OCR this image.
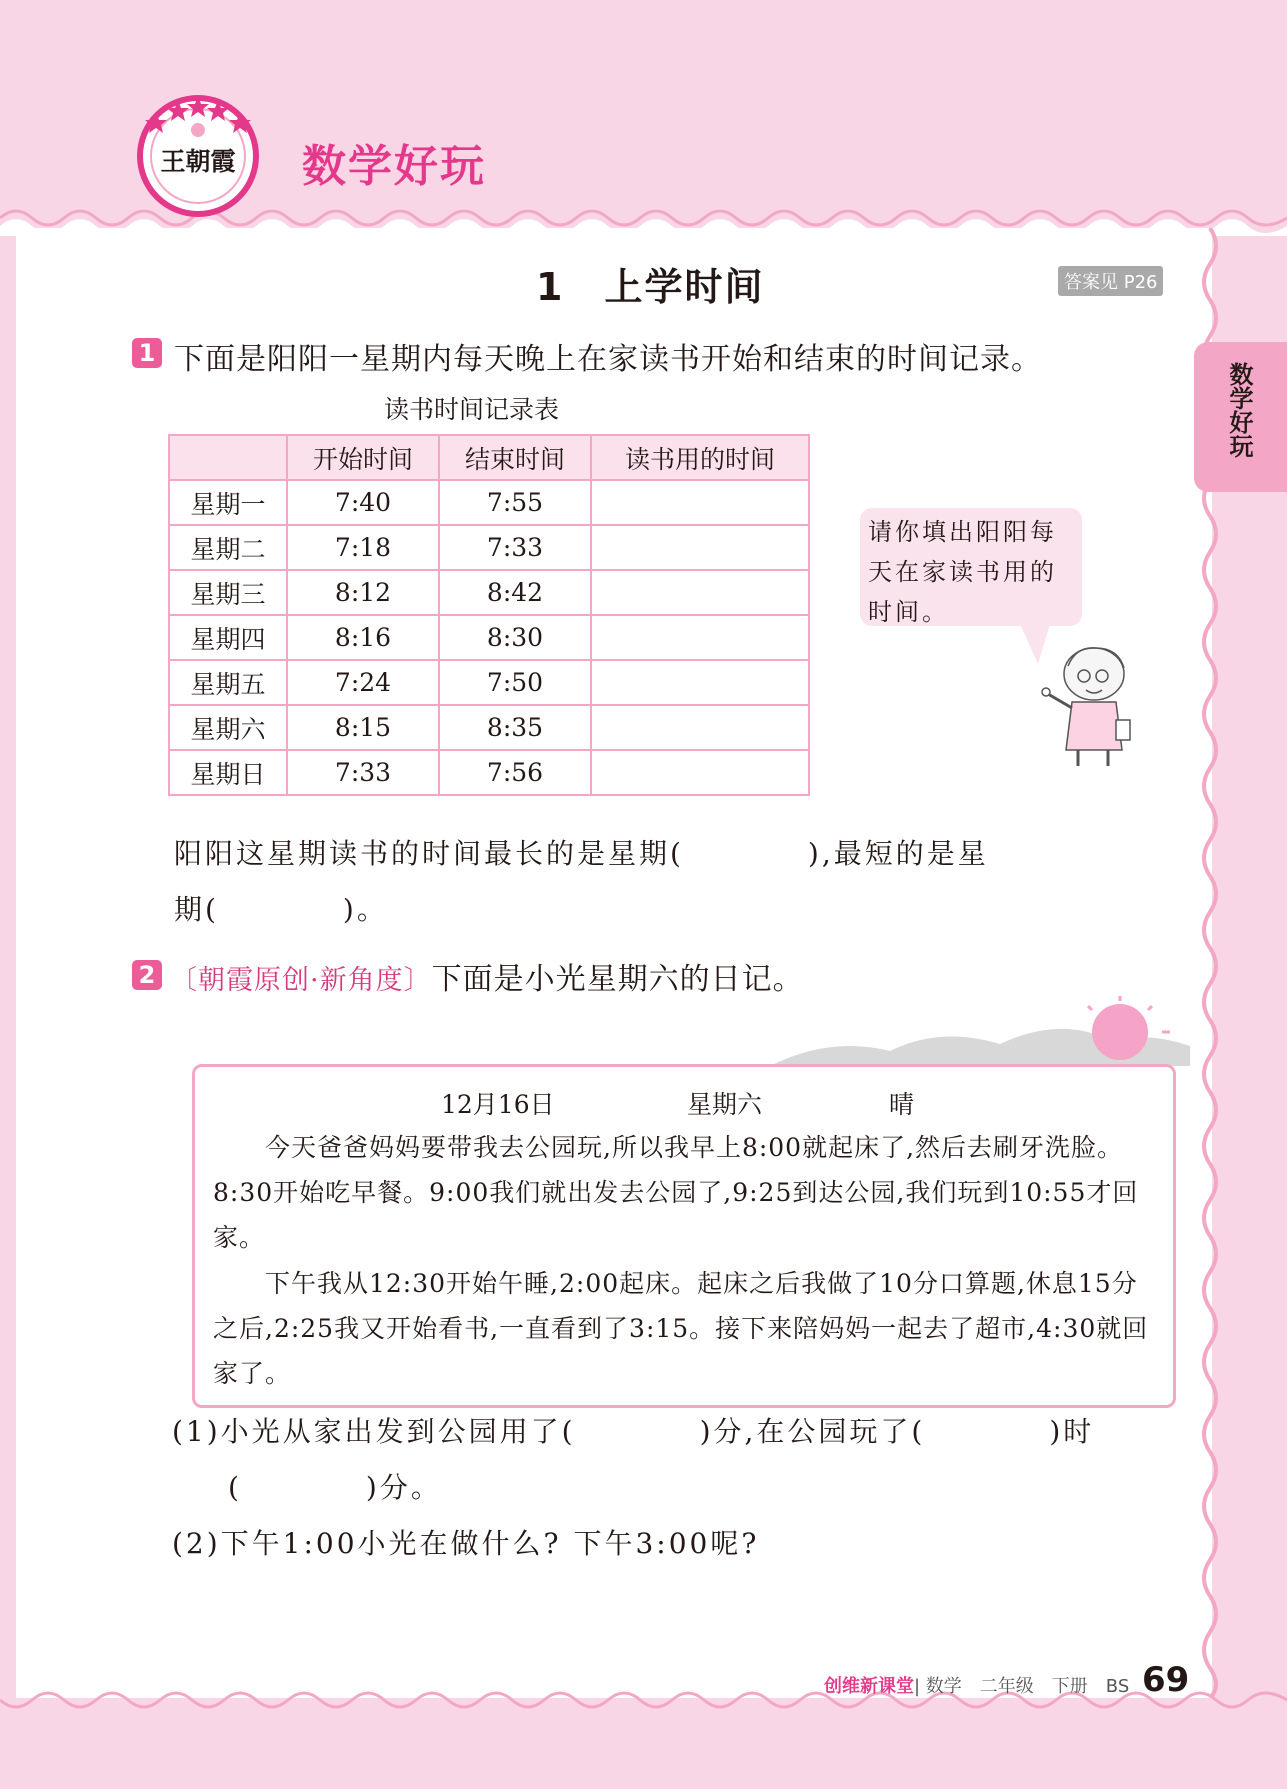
王朝霞 数学好玩
数学好玩
1　上学时间	答案见 P26
1 下面是阳阳一星期内每天晚上在家读书开始和结束的时间记录。
读书时间记录表
	开始时间	结束时间	读书用的时间
星期一	7:40	7:55	
星期二	7:18	7:33	
星期三	8:12	8:42	
星期四	8:16	8:30	
星期五	7:24	7:50	
星期六	8:15	8:35	
星期日	7:33	7:56	
请你填出阳阳每天在家读书用的时间。
阳阳这星期读书的时间最长的是星期(　　　　),最短的是星
期(　　　　)。
2 〔朝霞原创·新角度〕下面是小光星期六的日记。
12月16日	星期六	晴
今天爸爸妈妈要带我去公园玩,所以我早上8:00就起床了,然后去刷牙洗脸。8:30开始吃早餐。9:00我们就出发去公园了,9:25到达公园,我们玩到10:55才回家。
下午我从12:30开始午睡,2:00起床。起床之后我做了10分口算题,休息15分之后,2:25我又开始看书,一直看到了3:15。接下来陪妈妈一起去了超市,4:30就回家了。
(1)小光从家出发到公园用了(　　　　)分,在公园玩了(　　　　)时
(　　　　)分。
(2)下午1:00小光在做什么? 下午3:00呢?
创维新课堂| 数学　二年级　下册　BS 69
